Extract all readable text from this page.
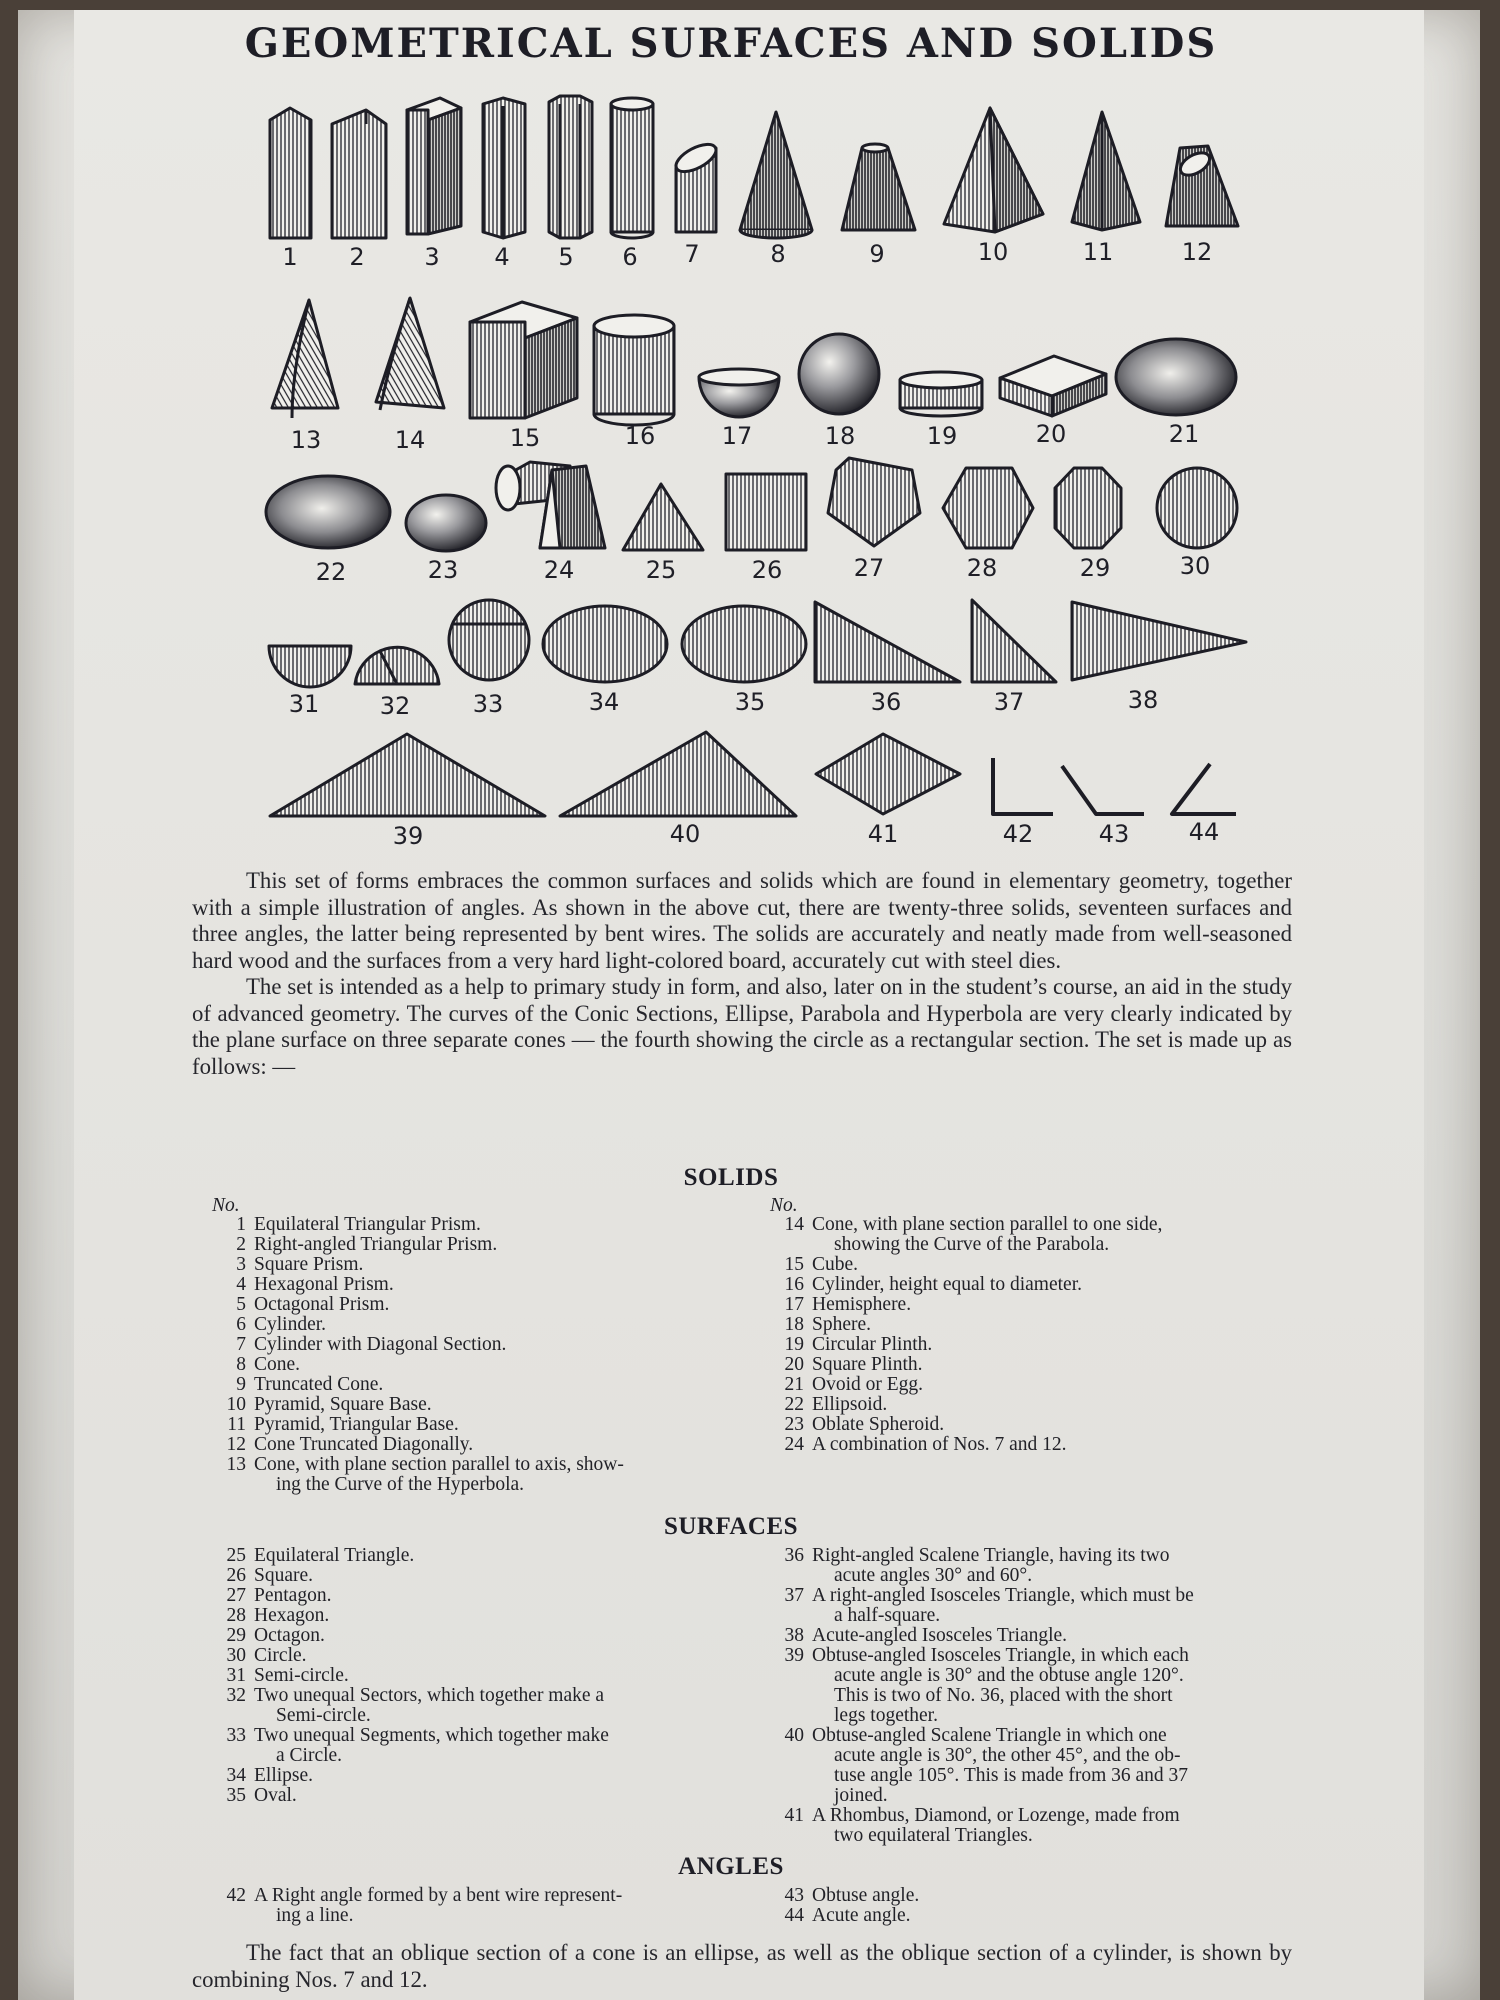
GEOMETRICAL SURFACES AND SOLIDS
1 2 3 4 5 6 7	8	9	10	11	12
13	14	15	16	17	18	19	20	21
22	23	24	25	26	27	28	29	30
31	32	33	34	35	36	37	38
39	40	41	42	43 44

This set of forms embraces the common surfaces and solids which are found in elementary geometry, together with a simple illustration of angles. As shown in the above cut, there are twenty-three solids, seventeen surfaces and three angles, the latter being represented by bent wires. The solids are accurately and neatly made from well-seasoned hard wood and the surfaces from a very hard light-colored board, accurately cut with steel dies.

The set is intended as a help to primary study in form, and also, later on in the student’s course, an aid in the study of advanced geometry. The curves of the Conic Sections, Ellipse, Parabola and Hyperbola are very clearly indicated by the plane surface on three separate cones — the fourth showing the circle as a rectangular section. The set is made up as follows: —

SOLIDS
No.
1 Equilateral Triangular Prism.
2 Right-angled Triangular Prism.
3 Square Prism.
4 Hexagonal Prism.
5 Octagonal Prism.
6 Cylinder.
7 Cylinder with Diagonal Section.
8 Cone.
9 Truncated Cone.
10 Pyramid, Square Base.
11 Pyramid, Triangular Base.
12 Cone Truncated Diagonally.
13 Cone, with plane section parallel to axis, show-
ing the Curve of the Hyperbola.
No.
14 Cone, with plane section parallel to one side,
showing the Curve of the Parabola.
15 Cube.
16 Cylinder, height equal to diameter.
17 Hemisphere.
18 Sphere.
19 Circular Plinth.
20 Square Plinth.
21 Ovoid or Egg.
22 Ellipsoid.
23 Oblate Spheroid.
24 A combination of Nos. 7 and 12.
SURFACES
25 Equilateral Triangle.
26 Square.
27 Pentagon.
28 Hexagon.
29 Octagon.
30 Circle.
31 Semi-circle.
32 Two unequal Sectors, which together make a
Semi-circle.
33 Two unequal Segments, which together make
a Circle.
34 Ellipse.
35 Oval.
36 Right-angled Scalene Triangle, having its two
acute angles 30° and 60°.
37 A right-angled Isosceles Triangle, which must be
a half-square.
38 Acute-angled Isosceles Triangle.
39 Obtuse-angled Isosceles Triangle, in which each
acute angle is 30° and the obtuse angle 120°.
This is two of No. 36, placed with the short
legs together.
40 Obtuse-angled Scalene Triangle in which one
acute angle is 30°, the other 45°, and the ob-
tuse angle 105°. This is made from 36 and 37
joined.
41 A Rhombus, Diamond, or Lozenge, made from
two equilateral Triangles.
ANGLES
42 A Right angle formed by a bent wire represent-
ing a line.
43 Obtuse angle.
44 Acute angle.

The fact that an oblique section of a cone is an ellipse, as well as the oblique section of a cylinder, is shown by combining Nos. 7 and 12.
